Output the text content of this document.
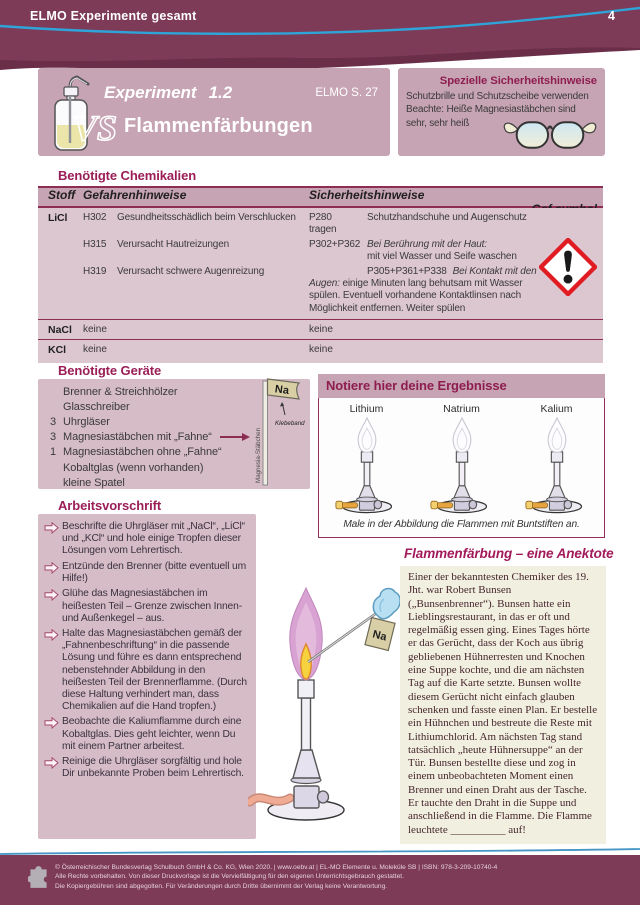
ELMO Experimente gesamt	4
VS
Experiment 1.2	ELMO S. 27
Flammenfärbungen
Spezielle Sicherheitshinweise
Schutzbrille und Schutzscheibe verwenden
Beachte: Heiße Magnesiastäbchen sind
sehr, sehr heiß
Benötigte Chemikalien
Stoff Gefahrenhinweise	Sicherheitshinweise
LiCl	H302	Gesundheitsschädlich beim Verschlucken	P280	Schutzhandschuhe und Augenschutz tragen
H315	Verursacht Hautreizungen	P302+P362 Bei Berührung mit der Haut:
mit viel Wasser und Seife waschen
H319	Verursacht schwere Augenreizung	P305+P361+P338 Bei Kontakt mit den Augen: einige Minuten lang behutsam mit Wasser spülen. Eventuell vorhandene Kontaktlinsen nach Möglichkeit entfernen. Weiter spülen
NaCl	keine	keine
KCl	keine	keine
Benötigte Geräte
Brenner & Streichhölzer
Glasschreiber
3 Uhrgläser
3 Magnesiastäbchen mit „Fahne“
1 Magnesiastäbchen ohne „Fahne“
Kobaltglas (wenn vorhanden)
kleine Spatel
Na
Klebeband
Magnesia-Stäbchen
Notiere hier deine Ergebnisse
Lithium	Natrium	Kalium
Male in der Abbildung die Flammen mit Buntstiften an.
Arbeitsvorschrift
Beschrifte die Uhrgläser mit „NaCl“, „LiCl“ und „KCl“ und hole einige Tropfen dieser Lösungen vom Lehrertisch.
Entzünde den Brenner (bitte eventuell um Hilfe!)
Glühe das Magnesiastäbchen im heißesten Teil – Grenze zwischen Innen- und Außenkegel – aus.
Halte das Magnesiastäbchen gemäß der „Fahnenbeschriftung“ in die passende Lösung und führe es dann entsprechend nebenstehnder Abbildung in den heißesten Teil der Brennerflamme. (Durch diese Haltung verhindert man, dass Chemikalien auf die Hand tropfen.)
Beobachte die Kaliumflamme durch eine Kobaltglas. Dies geht leichter, wenn Du mit einem Partner arbeitest.
Reinige die Uhrgläser sorgfältig und hole Dir unbekannte Proben beim Lehrertisch.
Na
Flammenfärbung – eine Anektote
Einer der bekanntesten Chemiker des 19. Jht. war Robert Bunsen („Bunsenbrenner“). Bunsen hatte ein Lieblingsrestaurant, in das er oft und regelmäßig essen ging. Eines Tages hörte er das Gerücht, dass der Koch aus übrig gebliebenen Hühnerresten und Knochen eine Suppe kochte, und die am nächsten Tag auf die Karte setzte. Bunsen wollte diesem Gerücht nicht einfach glauben schenken und fasste einen Plan. Er bestelle ein Hühnchen und bestreute die Reste mit Lithiumchlorid. Am nächsten Tag stand tatsächlich „heute Hühnersuppe“ an der Tür. Bunsen bestellte diese und zog in einem unbeobachteten Moment einen Brenner und einen Draht aus der Tasche. Er tauchte den Draht in die Suppe und anschließend in die Flamme. Die Flamme leuchtete __________ auf!
© Österreichischer Bundesverlag Schulbuch GmbH & Co. KG, Wien 2020. | www.oebv.at | EL-MO Elemente u. Moleküle SB | ISBN: 978-3-209-10740-4
Alle Rechte vorbehalten. Von dieser Druckvorlage ist die Vervielfältigung für den eigenen Unterrichtsgebrauch gestattet.
Die Kopiergebühren sind abgegolten. Für Veränderungen durch Dritte übernimmt der Verlag keine Verantwortung.
